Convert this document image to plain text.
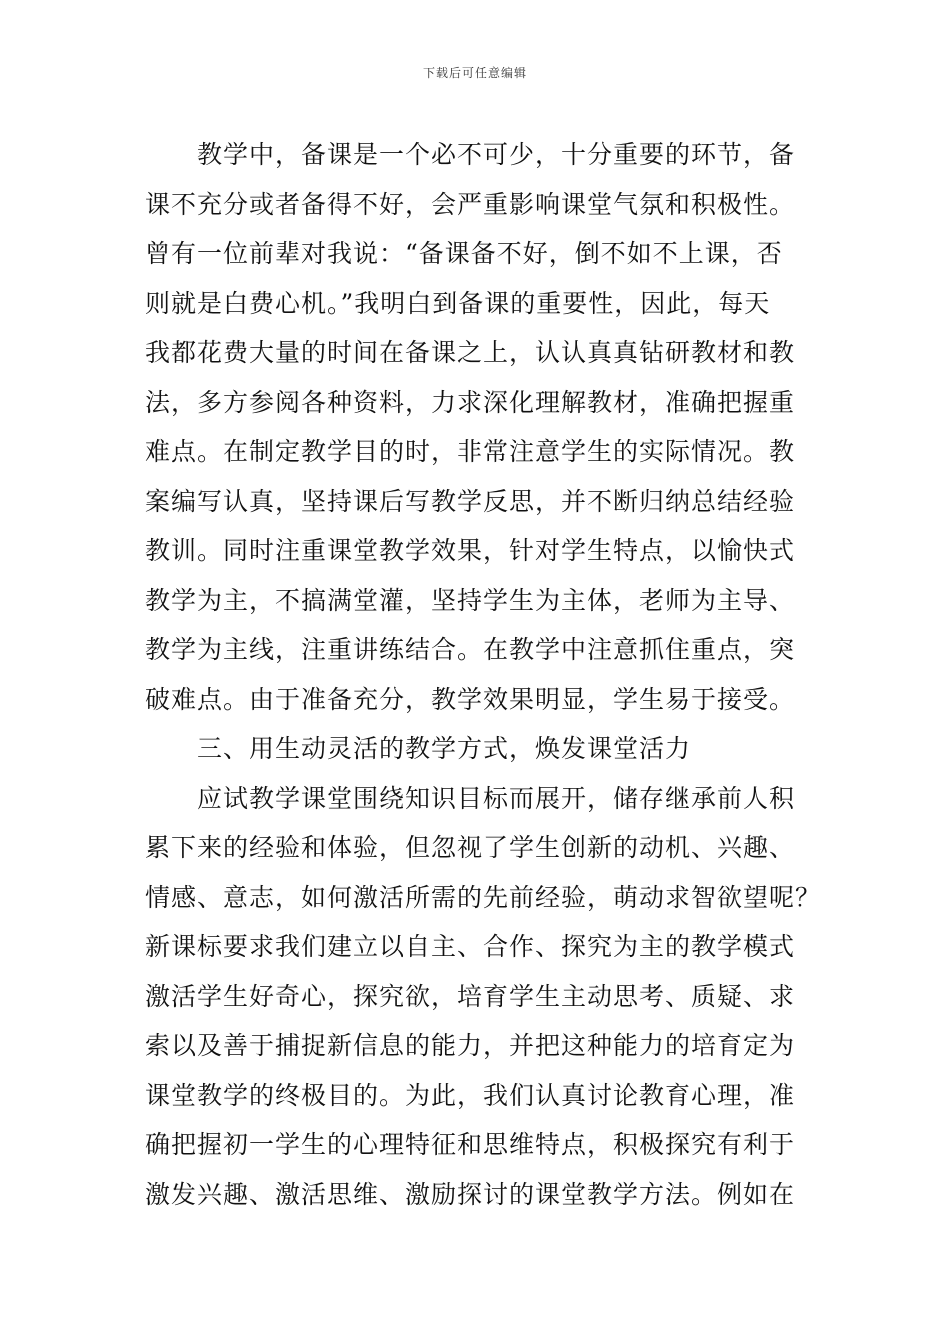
下载后可任意编辑
教学中，备课是一个必不可少，十分重要的环节，备
课不充分或者备得不好，会严重影响课堂气氛和积极性。
曾有一位前辈对我说：“备课备不好，倒不如不上课，否
则就是白费心机。”我明白到备课的重要性，因此，每天
我都花费大量的时间在备课之上，认认真真钻研教材和教
法，多方参阅各种资料，力求深化理解教材，准确把握重
难点。在制定教学目的时，非常注意学生的实际情况。教
案编写认真，坚持课后写教学反思，并不断归纳总结经验
教训。同时注重课堂教学效果，针对学生特点，以愉快式
教学为主，不搞满堂灌，坚持学生为主体，老师为主导、
教学为主线，注重讲练结合。在教学中注意抓住重点，突
破难点。由于准备充分，教学效果明显，学生易于接受。
三、用生动灵活的教学方式，焕发课堂活力
应试教学课堂围绕知识目标而展开，储存继承前人积
累下来的经验和体验，但忽视了学生创新的动机、兴趣、
情感、意志，如何激活所需的先前经验，萌动求智欲望呢？
新课标要求我们建立以自主、合作、探究为主的教学模式
激活学生好奇心，探究欲，培育学生主动思考、质疑、求
索以及善于捕捉新信息的能力，并把这种能力的培育定为
课堂教学的终极目的。为此，我们认真讨论教育心理，准
确把握初一学生的心理特征和思维特点，积极探究有利于
激发兴趣、激活思维、激励探讨的课堂教学方法。例如在
